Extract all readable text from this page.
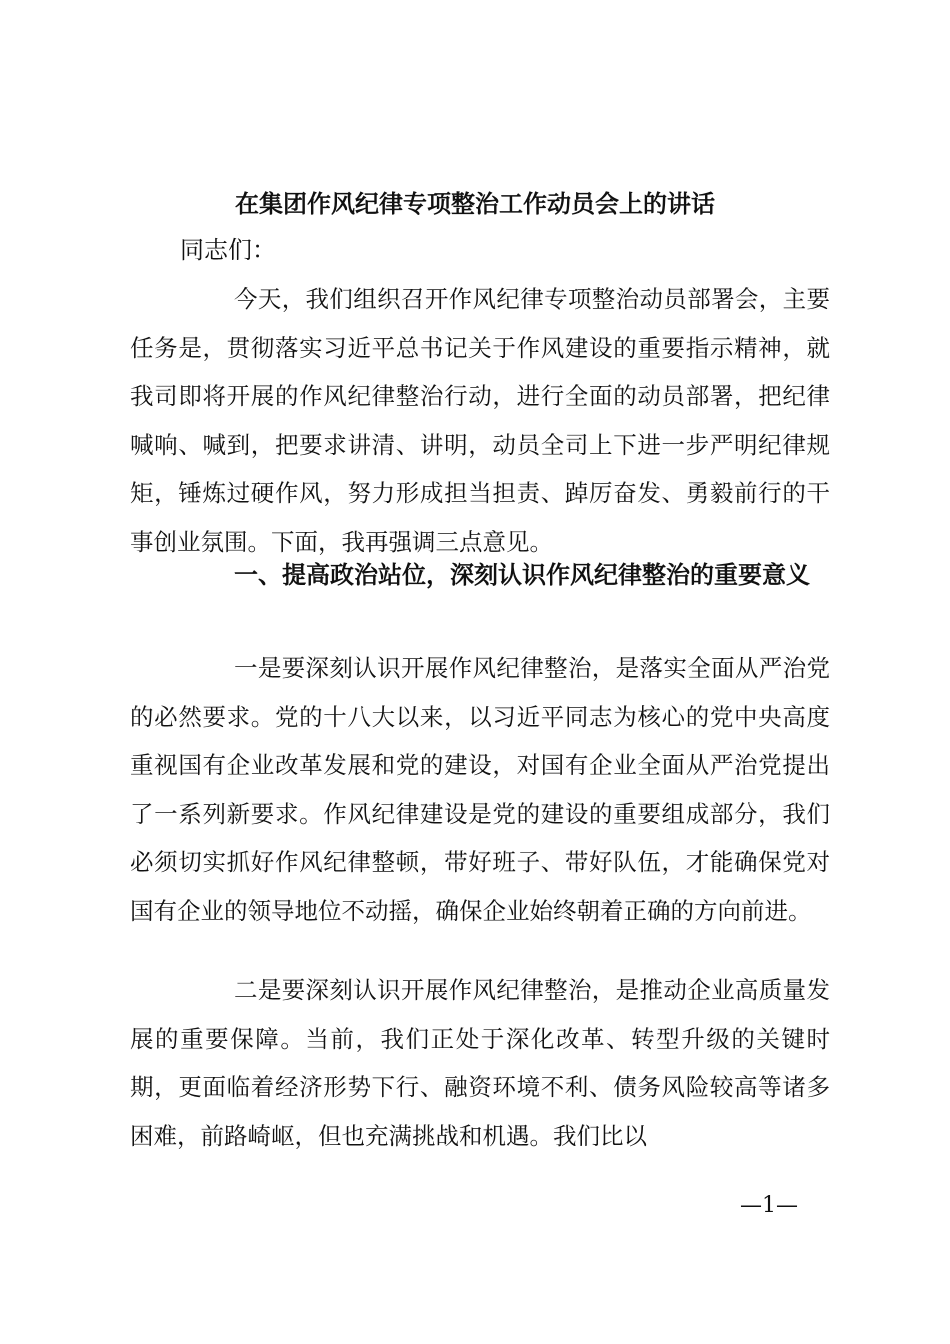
在集团作风纪律专项整治工作动员会上的讲话
同志们：

今天，我们组织召开作风纪律专项整治动员部署会，主要任务是，贯彻落实习近平总书记关于作风建设的重要指示精神，就我司即将开展的作风纪律整治行动，进行全面的动员部署，把纪律喊响、喊到，把要求讲清、讲明，动员全司上下进一步严明纪律规矩，锤炼过硬作风，努力形成担当担责、踔厉奋发、勇毅前行的干事创业氛围。下面，我再强调三点意见。

一、提高政治站位，深刻认识作风纪律整治的重要意义

一是要深刻认识开展作风纪律整治，是落实全面从严治党的必然要求。党的十八大以来，以习近平同志为核心的党中央高度重视国有企业改革发展和党的建设，对国有企业全面从严治党提出了一系列新要求。作风纪律建设是党的建设的重要组成部分，我们必须切实抓好作风纪律整顿，带好班子、带好队伍，才能确保党对国有企业的领导地位不动摇，确保企业始终朝着正确的方向前进。

二是要深刻认识开展作风纪律整治，是推动企业高质量发展的重要保障。当前，我们正处于深化改革、转型升级的关键时期，更面临着经济形势下行、融资环境不利、债务风险较高等诸多困难，前路崎岖，但也充满挑战和机遇。我们比以

—1—
